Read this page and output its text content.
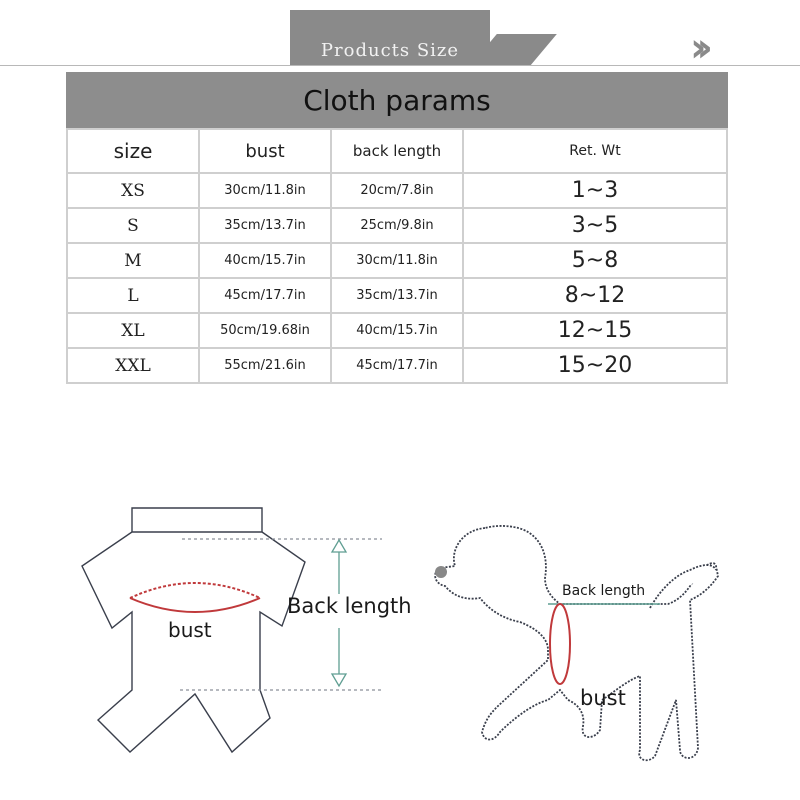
Products Size	››
Cloth params
size	bust	back length	Ret. Wt
XS	30cm/11.8in	20cm/7.8in	1~3
S	35cm/13.7in	25cm/9.8in	3~5
M	40cm/15.7in	30cm/11.8in	5~8
L	45cm/17.7in	35cm/13.7in	8~12
XL	50cm/19.68in	40cm/15.7in	12~15
XXL	55cm/21.6in	45cm/17.7in	15~20
bust
Back length
Back length
bust
